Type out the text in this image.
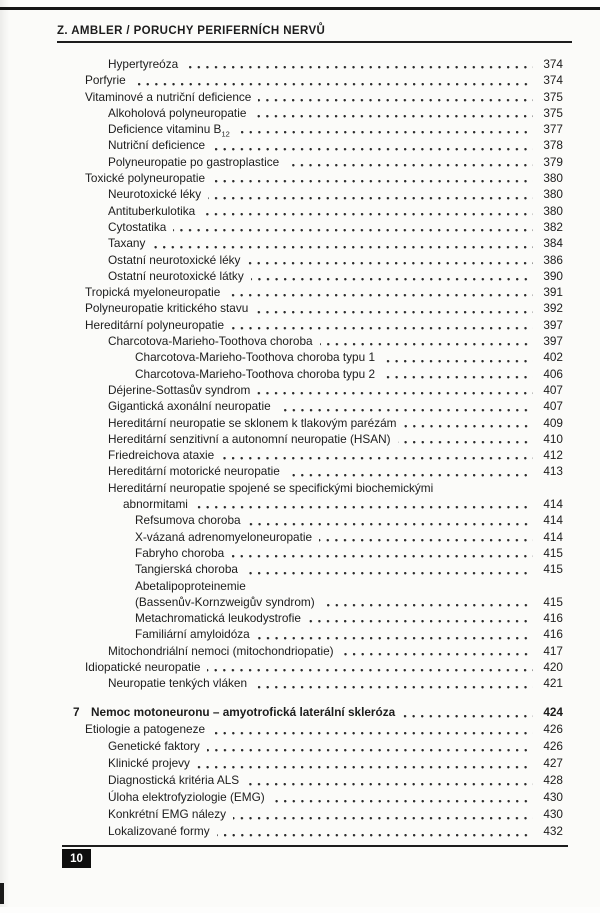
Z. AMBLER / PORUCHY PERIFERNÍCH NERVŮ
Hypertyreóza	374
Porfyrie	374
Vitaminové a nutriční deficience	375
Alkoholová polyneuropatie	375
Deficience vitaminu $B_{12}$	377
Nutriční deficience	378
Polyneuropatie po gastroplastice	379
Toxické polyneuropatie	380
Neurotoxické léky	380
Antituberkulotika	380
Cytostatika	382
Taxany	384
Ostatní neurotoxické léky	386
Ostatní neurotoxické látky	390
Tropická myeloneuropatie	391
Polyneuropatie kritického stavu	392
Hereditární polyneuropatie	397
Charcotova-Marieho-Toothova choroba	397
Charcotova-Marieho-Toothova choroba typu 1	402
Charcotova-Marieho-Toothova choroba typu 2	406
Déjerine-Sottasův syndrom	407
Gigantická axonální neuropatie	407
Hereditární neuropatie se sklonem k tlakovým parézám	409
Hereditární senzitivní a autonomní neuropatie (HSAN)	410
Friedreichova ataxie	412
Hereditární motorické neuropatie	413
Hereditární neuropatie spojené se specifickými biochemickými
abnormitami	414
Refsumova choroba	414
X-vázaná adrenomyeloneuropatie	414
Fabryho choroba	415
Tangierská choroba	415
Abetalipoproteinemie
(Bassenův-Kornzweigův syndrom)	415
Metachromatická leukodystrofie	416
Familiární amyloidóza	416
Mitochondriální nemoci (mitochondriopatie)	417
Idiopatické neuropatie	420
Neuropatie tenkých vláken	421
7 Nemoc motoneuronu – amyotrofická laterální skleróza	424
Etiologie a patogeneze	426
Genetické faktory	426
Klinické projevy	427
Diagnostická kritéria ALS	428
Úloha elektrofyziologie (EMG)	430
Konkrétní EMG nálezy	430
Lokalizované formy	432
10
